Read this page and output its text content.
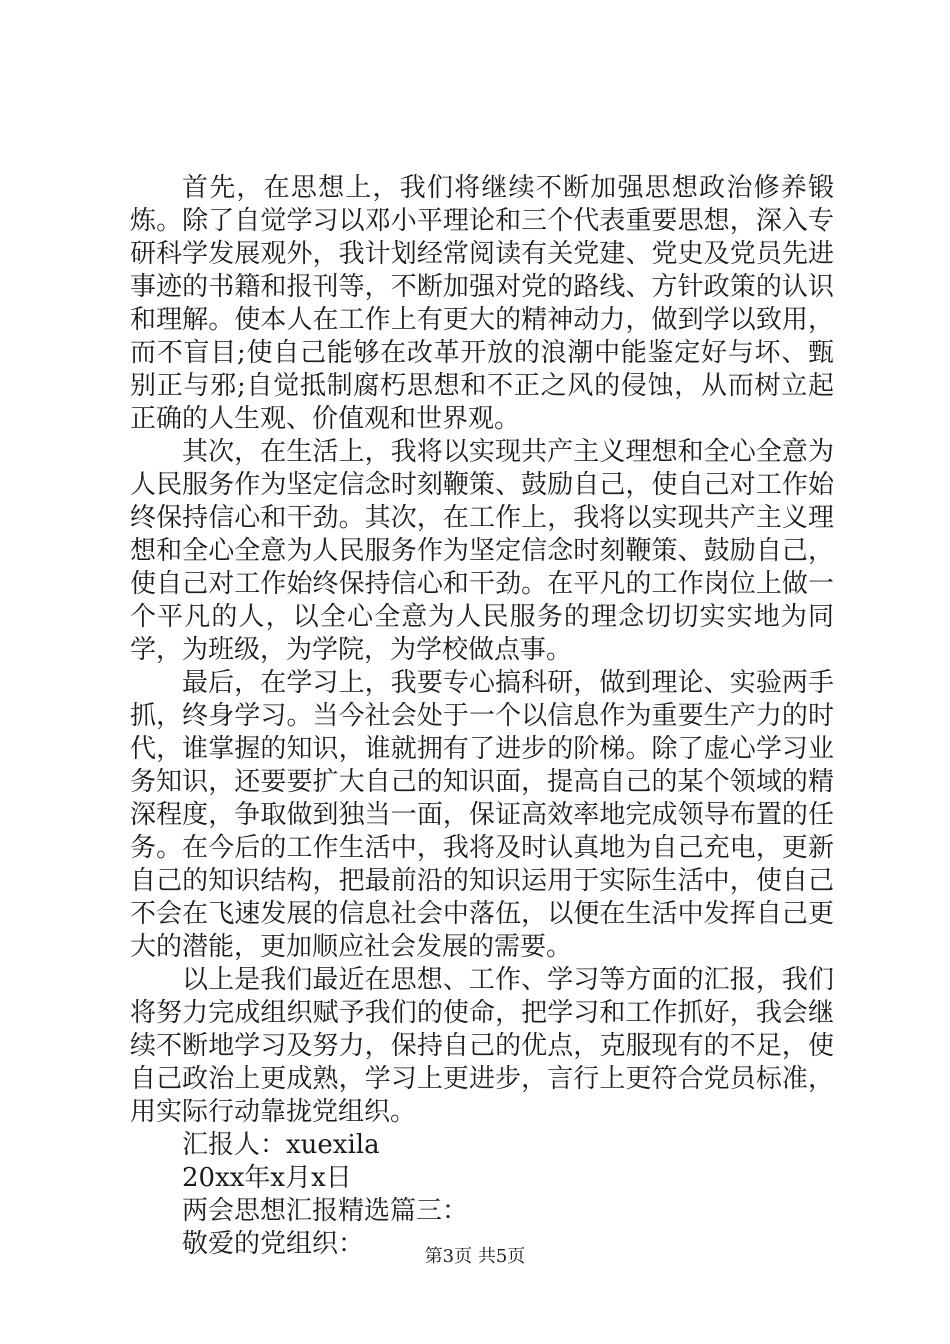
首先，在思想上，我们将继续不断加强思想政治修养锻炼。除了自觉学习以邓小平理论和三个代表重要思想，深入专研科学发展观外，我计划经常阅读有关党建、党史及党员先进事迹的书籍和报刊等，不断加强对党的路线、方针政策的认识和理解。使本人在工作上有更大的精神动力，做到学以致用，而不盲目;使自己能够在改革开放的浪潮中能鉴定好与坏、甄别正与邪;自觉抵制腐朽思想和不正之风的侵蚀，从而树立起正确的人生观、价值观和世界观。

其次，在生活上，我将以实现共产主义理想和全心全意为人民服务作为坚定信念时刻鞭策、鼓励自己，使自己对工作始终保持信心和干劲。其次，在工作上，我将以实现共产主义理想和全心全意为人民服务作为坚定信念时刻鞭策、鼓励自己，使自己对工作始终保持信心和干劲。在平凡的工作岗位上做一个平凡的人，以全心全意为人民服务的理念切切实实地为同学，为班级，为学院，为学校做点事。

最后，在学习上，我要专心搞科研，做到理论、实验两手抓，终身学习。当今社会处于一个以信息作为重要生产力的时代，谁掌握的知识，谁就拥有了进步的阶梯。除了虚心学习业务知识，还要要扩大自己的知识面，提高自己的某个领域的精深程度，争取做到独当一面，保证高效率地完成领导布置的任务。在今后的工作生活中，我将及时认真地为自己充电，更新自己的知识结构，把最前沿的知识运用于实际生活中，使自己不会在飞速发展的信息社会中落伍，以便在生活中发挥自己更大的潜能，更加顺应社会发展的需要。

以上是我们最近在思想、工作、学习等方面的汇报，我们将努力完成组织赋予我们的使命，把学习和工作抓好，我会继续不断地学习及努力，保持自己的优点，克服现有的不足，使自己政治上更成熟，学习上更进步，言行上更符合党员标准，用实际行动靠拢党组织。

汇报人：xuexila

20xx年x月x日

两会思想汇报精选篇三：

敬爱的党组织：	第3页 共5页
